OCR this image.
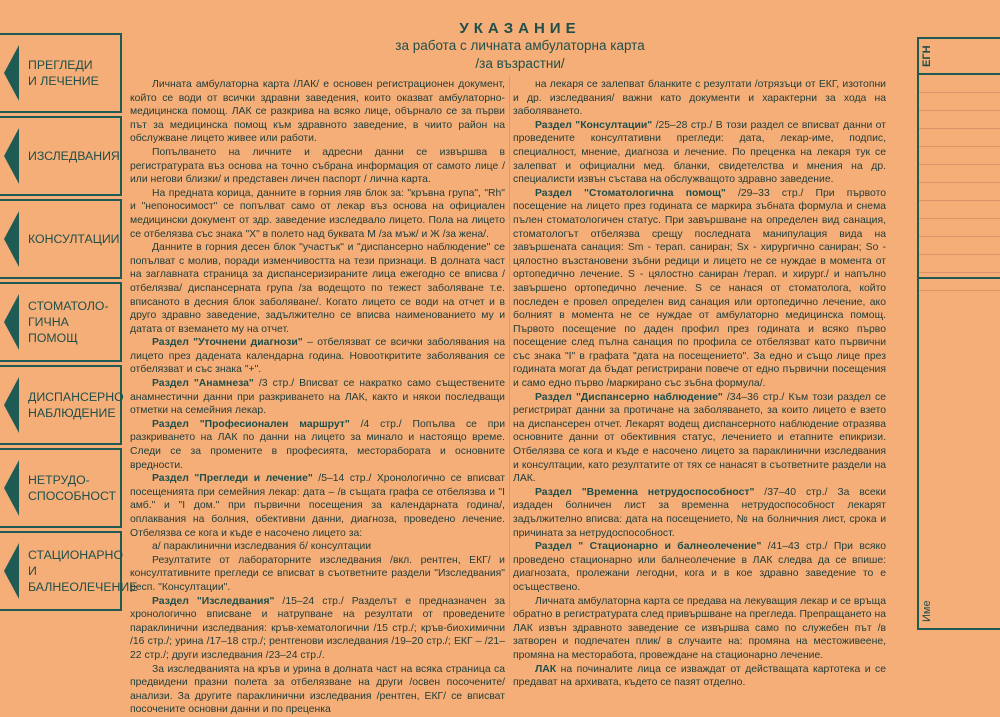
ПРЕГЛЕДИ
И ЛЕЧЕНИЕ
ИЗСЛЕДВАНИЯ
КОНСУЛТАЦИИ
СТОМАТОЛО-
ГИЧНА ПОМОЩ
ДИСПАНСЕРНО
НАБЛЮДЕНИЕ
НЕТРУДО-
СПОСОБНОСТ
СТАЦИОНАРНО И
БАЛНЕОЛЕЧЕНИЕ
УКАЗАНИЕ
за работа с личната амбулаторна карта
/за възрастни/

Личната амбулаторна карта /ЛАК/ е основен регистрационен документ, който се води от всички здравни заведения, които оказват амбулаторно-медицинска помощ. ЛАК се разкрива на всяко лице, обърнало се за първи път за медицинска помощ към здравното заведение, в чиито район на обслужване лицето живее или работи.

Попълването на личните и адресни данни се извършва в регистратурата въз основа на точно събрана информация от самото лице /или негови близки/ и представен личен паспорт / лична карта.

На предната корица, данните в горния ляв блок за: "кръвна група", "Rh" и "непоносимост" се попълват само от лекар въз основа на официален медицински документ от здр. заведение изследвало лицето. Пола на лицето се отбелязва със знака "Х" в полето над буквата М /за мъж/ и Ж /за жена/.

Данните в горния десен блок "участък" и "диспансерно наблюдение" се попълват с молив, поради изменчивостта на тези признаци. В долната част на заглавната страница за диспансеризираните лица ежегодно се вписва /отбелязва/ диспансерната група /за водещото по тежест заболяване т.е. вписаното в десния блок заболяване/. Когато лицето се води на отчет и в друго здравно заведение, задължително се вписва наименованието му и датата от вземането му на отчет.

Раздел "Уточнени диагнози" – отбелязват се всички заболявания на лицето през дадената календарна година. Новооткритите заболявания се отбелязват и със знака "+".

Раздел "Анамнеза" /3 стр./ Вписват се накратко само съществените анамнестични данни при разкриването на ЛАК, както и някои последващи отметки на семейния лекар.

Раздел "Професионален маршрут" /4 стр./ Попълва се при разкриването на ЛАК по данни на лицето за минало и настоящо време. Следи се за промените в професията, месторабората и основните вредности.

Раздел "Прегледи и лечение" /5–14 стр./ Хронологично се вписват посещенията при семейния лекар: дата – /в същата графа се отбелязва и "I амб." и "I дом." при първични посещения за календарната година/, оплаквания на болния, обективни данни, диагноза, проведено лечение. Отбелязва се кога и къде е насочено лицето за:

а/ параклинични изследвания б/ консултации

Резултатите от лабораторните изследвания /вкл. рентген, ЕКГ/ и консултативните прегледи се вписват в съответните раздели "Изследвания" респ. "Консултации".

Раздел "Изследвания" /15–24 стр./ Разделът е предназначен за хронологично вписване и натрупване на резултати от проведените параклинични изследвания: кръв-хематологични /15 стр./; кръв-биохимични /16 стр./; урина /17–18 стр./; рентгенови изследвания /19–20 стр./; ЕКГ – /21–22 стр./; други изследвания /23–24 стр./.

За изследванията на кръв и урина в долната част на всяка страница са предвидени празни полета за отбелязване на други /освен посочените/ анализи. За другите параклинични изследвания /рентген, ЕКГ/ се вписват посочените основни данни и по преценка

на лекаря се залепват бланките с резултати /отрязъци от ЕКГ, изотопни и др. изследвания/ важни като документи и характерни за хода на заболяването.

Раздел "Консултации" /25–28 стр./ В този раздел се вписват данни от проведените консултативни прегледи: дата, лекар-име, подпис, специалност, мнение, диагноза и лечение. По преценка на лекаря тук се залепват и официални мед. бланки, свидетелства и мнения на др. специалисти извън състава на обслужващото здравно заведение.

Раздел "Стоматологична помощ" /29–33 стр./ При първото посещение на лицето през годината се маркира зъбната формула и снема пълен стоматологичен статус. При завършване на определен вид санация, стоматологът отбелязва срещу последната манипулация вида на завършената санация: Sm - терап. саниран; Sx - хирургично саниран; So - цялостно възстановени зъбни редици и лицето не се нуждае в момента от ортопедично лечение. S - цялостно саниран /терап. и хирург./ и напълно завършено ортопедично лечение. S се нанася от стоматолога, който последен е провел определен вид санация или ортопедично лечение, ако болният в момента не се нуждае от амбулаторно медицинска помощ. Първото посещение по даден профил през годината и всяко първо посещение след пълна санация по профила се отбелязват като първични със знака "I" в графата "дата на посещението". За едно и също лице през годината могат да бъдат регистрирани повече от едно първични посещения и само едно първо /маркирано със зъбна формула/.

Раздел "Диспансерно наблюдение" /34–36 стр./ Към този раздел се регистрират данни за протичане на заболяването, за които лицето е взето на диспансерен отчет. Лекарят водещ диспансерното наблюдение отразява основните данни от обективния статус, лечението и етапните епикризи. Отбелязва се кога и къде е насочено лицето за параклинични изследвания и консултации, като резултатите от тях се нанасят в съответните раздели на ЛАК.

Раздел "Временна нетрудоспособност" /37–40 стр./ За всеки издаден болничен лист за временна нетрудоспособност лекарят задължително вписва: дата на посещението, № на болничния лист, срока и причината за нетрудоспособност.

Раздел " Стационарно и балнеолечение" /41–43 стр./ При всяко проведено стационарно или балнеолечение в ЛАК следва да се впише: диагнозата, пролежани легодни, кога и в кое здравно заведение то е осъществено.

Личната амбулаторна карта се предава на лекуващия лекар и се връща обратно в регистратурата след привършване на прегледа. Препращането на ЛАК извън здравното заведение се извършва само по служебен път /в затворен и подпечатен плик/ в случаите на: промяна на местоживеене, промяна на месторабота, провеждане на стационарно лечение.

ЛАК на починалите лица се изваждат от действащата картотека и се предават на архивата, където се пазят отделно.

ЕГН
Име
